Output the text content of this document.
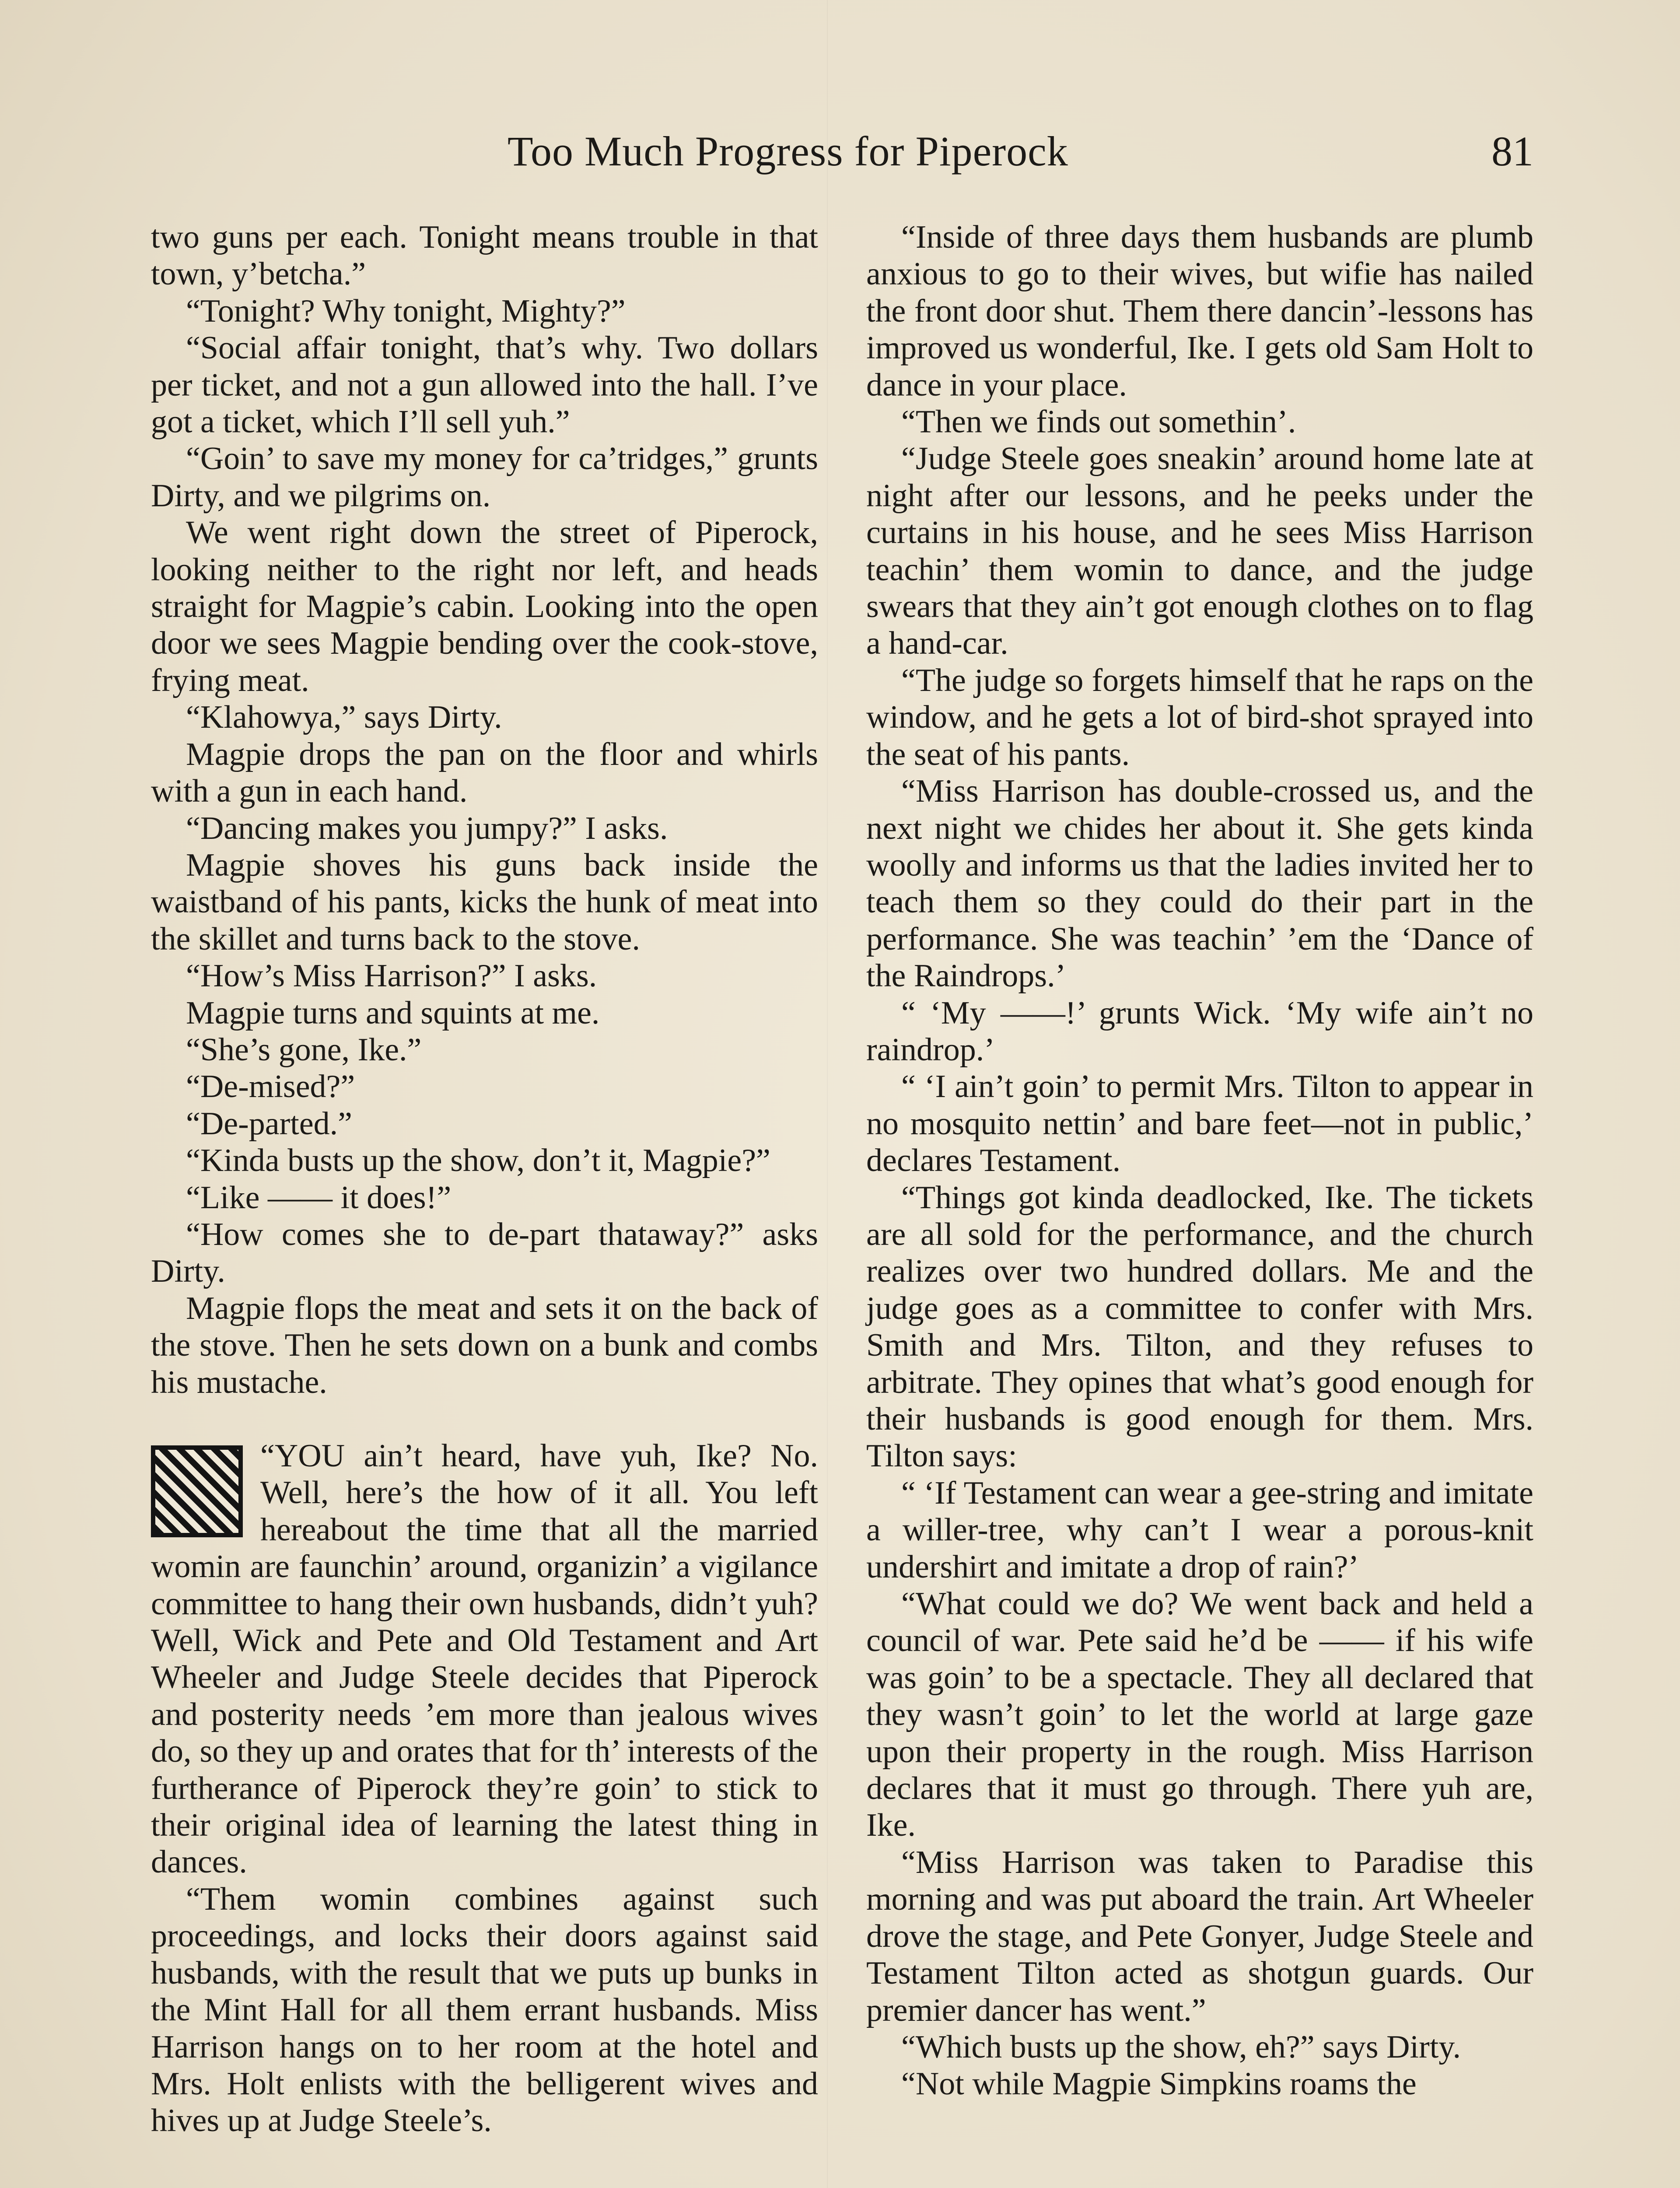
Too Much Progress for Piperock	81

two guns per each. Tonight means trouble in that town, y’betcha.”

“Tonight? Why tonight, Mighty?”

“Social affair tonight, that’s why. Two dollars per ticket, and not a gun allowed into the hall. I’ve got a ticket, which I’ll sell yuh.”

“Goin’ to save my money for ca’tridges,” grunts Dirty, and we pilgrims on.

We went right down the street of Piperock, looking neither to the right nor left, and heads straight for Magpie’s cabin. Looking into the open door we sees Magpie bending over the cook-stove, frying meat.

“Klahowya,” says Dirty.

Magpie drops the pan on the floor and whirls with a gun in each hand.

“Dancing makes you jumpy?” I asks.

Magpie shoves his guns back inside the waistband of his pants, kicks the hunk of meat into the skillet and turns back to the stove.

“How’s Miss Harrison?” I asks.

Magpie turns and squints at me.

“She’s gone, Ike.”

“De-mised?”

“De-parted.”

“Kinda busts up the show, don’t it, Magpie?”

“Like —— it does!”

“How comes she to de-part thataway?” asks Dirty.

Magpie flops the meat and sets it on the back of the stove. Then he sets down on a bunk and combs his mustache.

“YOU ain’t heard, have yuh, Ike? No. Well, here’s the how of it all. You left hereabout the time that all the married womin are faunchin’ around, organizin’ a vigilance committee to hang their own husbands, didn’t yuh? Well, Wick and Pete and Old Testament and Art Wheeler and Judge Steele decides that Piperock and posterity needs ’em more than jealous wives do, so they up and orates that for th’ interests of the furtherance of Piperock they’re goin’ to stick to their original idea of learning the latest thing in dances.

“Them womin combines against such proceedings, and locks their doors against said husbands, with the result that we puts up bunks in the Mint Hall for all them errant husbands. Miss Harrison hangs on to her room at the hotel and Mrs. Holt enlists with the belligerent wives and hives up at Judge Steele’s.

“Inside of three days them husbands are plumb anxious to go to their wives, but wifie has nailed the front door shut. Them there dancin’-lessons has improved us wonderful, Ike. I gets old Sam Holt to dance in your place.

“Then we finds out somethin’.

“Judge Steele goes sneakin’ around home late at night after our lessons, and he peeks under the curtains in his house, and he sees Miss Harrison teachin’ them womin to dance, and the judge swears that they ain’t got enough clothes on to flag a hand-car.

“The judge so forgets himself that he raps on the window, and he gets a lot of bird-shot sprayed into the seat of his pants.

“Miss Harrison has double-crossed us, and the next night we chides her about it. She gets kinda woolly and informs us that the ladies invited her to teach them so they could do their part in the performance. She was teachin’ ’em the ‘Dance of the Raindrops.’

“ ‘My ——!’ grunts Wick. ‘My wife ain’t no raindrop.’

“ ‘I ain’t goin’ to permit Mrs. Tilton to appear in no mosquito nettin’ and bare feet—not in public,’ declares Testament.

“Things got kinda deadlocked, Ike. The tickets are all sold for the performance, and the church realizes over two hundred dollars. Me and the judge goes as a committee to confer with Mrs. Smith and Mrs. Tilton, and they refuses to arbitrate. They opines that what’s good enough for their husbands is good enough for them. Mrs. Tilton says:

“ ‘If Testament can wear a gee-string and imitate a willer-tree, why can’t I wear a porous-knit undershirt and imitate a drop of rain?’

“What could we do? We went back and held a council of war. Pete said he’d be —— if his wife was goin’ to be a spectacle. They all declared that they wasn’t goin’ to let the world at large gaze upon their property in the rough. Miss Harrison declares that it must go through. There yuh are, Ike.

“Miss Harrison was taken to Paradise this morning and was put aboard the train. Art Wheeler drove the stage, and Pete Gonyer, Judge Steele and Testament Tilton acted as shotgun guards. Our premier dancer has went.”

“Which busts up the show, eh?” says Dirty.

“Not while Magpie Simpkins roams the
